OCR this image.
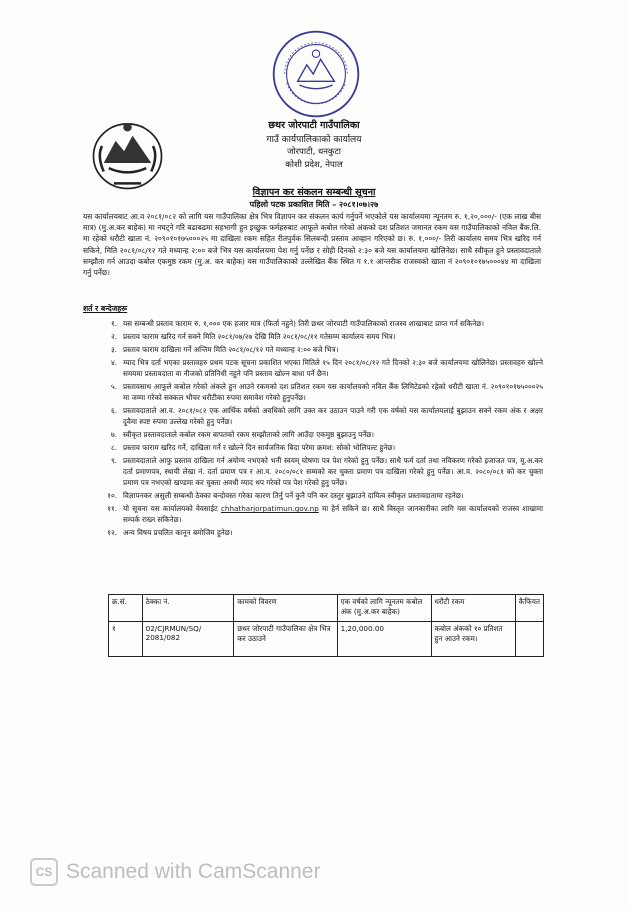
छथर जोरपाटी गाउँपालिका
गाउँ कार्यपालिकाको कार्यालय
जोरपाटी, धनकुटा
कोशी प्रदेश, नेपाल
विज्ञापन कर संकलन सम्बन्धी सूचना
पहिलो पटक प्रकाशित मिति – २०८१।०७।२७
यस कार्यालयबाट आ.व २०८१/०८२ को लागि यस गाउँपालिका क्षेत्र भित्र विज्ञापन कर संकलन कार्य गर्नुपर्ने भएकोले यस कार्यालयमा न्यूनतम रु. १,२०,०००/- (एक लाख बीस मात्र) (मु.अ.कर बाहेक) मा नघट्ने गरि बढाबढमा सहभागी हुन इच्छुक फर्महरुबाट आफूले कबोल गरेको अंकको दश प्रतिशत जमानत रकम यस गाउँपालिकाको नविल बैंक.लि. मा रहेको धरौटी खाता नं. २०९०१०१७५०००२५ मा दाखिला रकम सहित रीतपुर्वक सिलबन्दी प्रस्ताव आव्हान गरिएको छ। रु. १,०००/- तिरी कार्यालय समय भित्र खरिद गर्न सकिने, मिति २०८१/०८/१२ गते मध्यान्ह २:०० बजे भित्र यस कार्यालयमा पेश गर्नु पर्नेछ र सोही दिनको २:३० बजे यस कार्यालयमा खोलिनेछ। साथै स्वीकृत हुने प्रस्तावदाताले सम्झौता गर्न आउदा कबोल एकमुष्ठ रकम (मु.अ. कर बाहेक) यस गाउँपालिकाको उल्लेखित बैंक स्थित ग १.१ आन्तरीक राजस्वको खाता नं २०९०१०१७५०००४४ मा दाखिला गर्नु पर्नेछ।
शर्त र बन्देजहरू
१. यस सम्बन्धी प्रस्ताव फाराम रु. १,००० एक हजार मात्र (फिर्ता नहुने) तिरी छथर जोरपाटी गाउँपालिकाको राजस्व शाखाबाट प्राप्त गर्न सकिनेछ।
२. प्रस्ताव फाराम खरिद गर्न सक्ने मिति २०८१/०७/२७ देखि मिति २०८१/०८/११ गतेसम्म कार्यालय समय भित्र।
३. प्रस्ताव फाराम दाखिला गर्ने अन्तिम मिति २०८१/०८/१२ गते मध्यान्ह २:०० बजे भित्र।
४. म्याद भित्र दर्ता भएका प्रस्तावहरु प्रथम पटक सूचना प्रकाशित भएका मितिले १५ दिन २०८१/०८/१२ गते दिनको २:३० बजे कार्यालयमा खोलिनेछ। प्रस्तावहरु खोल्ने समयमा प्रस्तावदाता वा नीजको प्रतिनिधी नहुने पनि प्रस्ताव खोल्न बाधा पर्ने छैन।
५. प्रस्तावसाथ आफूले कबोल गरेको अंकले हुन आउने रकमको दश प्रतिशत रकम यस कार्यालयको नविल बैंक लिमिटेडको रहेको धरौटी खाता नं. २०९०१०१७५०००२५ मा जम्मा गरेको सक्कल भौचर धरौटीका रुपमा समावेश गरेको हुनुपर्नेछ।
६. प्रस्तावदाताले आ.व. २०८१/०८२ एक आर्थिक वर्षको अवधिको लागि उक्त कर उठाउन पाउने गरी एक वर्षको यस कार्यालयलाई बुझाउन सक्ने रकम अंक र अक्षर दुवैमा स्पष्ट रुपमा उल्लेख गरेको हुनु पर्नेछ।
७. स्वीकृत प्रस्तावदाताले कबोल रकम बापतको रकम सम्झौताको लागि आउँदा एकमुष्ठ बुझाउनु पर्नेछ।
८. प्रस्ताव फाराम खरिद गर्ने, दाखिला गर्ने र खोल्ने दिन सार्वजनिक बिदा परेमा क्रमश: सोको भोलिपल्ट हुनेछ।
९. प्रस्तावदाताले आफु प्रस्ताव दाखिला गर्न अयोग्य नभएको भनी स्वयम् घोषणा पत्र पेश गरेको हुनु पर्नेछ। साथै फर्म दर्ता तथा नविकरण गरेको इजाजत पत्र, मु.अ.कर दर्ता प्रमाणपत्र, स्थायी लेखा नं. दर्ता प्रमाण पत्र र आ.व. २०८०/०८१ सम्मको कर चुक्ता प्रमाण पत्र दाखिला गरेको हुनु पर्नेछ। आ.व. २०८०/०८१ को कर चुक्ता प्रमाण पत्र नभएको खण्डमा कर चुक्ता अवधी म्याद थप गरेको पत्र पेश गरेको हुनु पर्नेछ।
१०. विज्ञापनकर असुली सम्बन्धी ठेक्का बन्दोवस्त गरेका कारण तिर्नु पर्ने कुनै पनि कर दस्तुर बुझाउने दायित्व स्वीकृत प्रस्तावदातामा रहनेछ।
११. यो सूचना यस कार्यालयको वेवसाईट chhatharjorpatimun.gov.np मा हेर्न सकिने छ। साथै विस्तृत जानकारीका लागि यस कार्यालयको राजस्व शाखामा सम्पर्क राख्न सकिनेछ।
१२. अन्य विषय प्रचलित कानून बमोजिम हुनेछ।
क्र.सं.	ठेक्का नं.	कामको विवरण	एक वर्षको लागि न्यूनतम कबोल अंक (मु.अ.कर बाहेक)	धरौटी रकम	कैफियत
१	02/CJRMUN/SQ/ 2081/082	छथर जोरपाटी गाउँपालिका क्षेत्र भित्र कर उठाउने	1,20,000.00	कबोल अंकको १० प्रतिशत हुन आउने रकम।	
CS Scanned with CamScanner
